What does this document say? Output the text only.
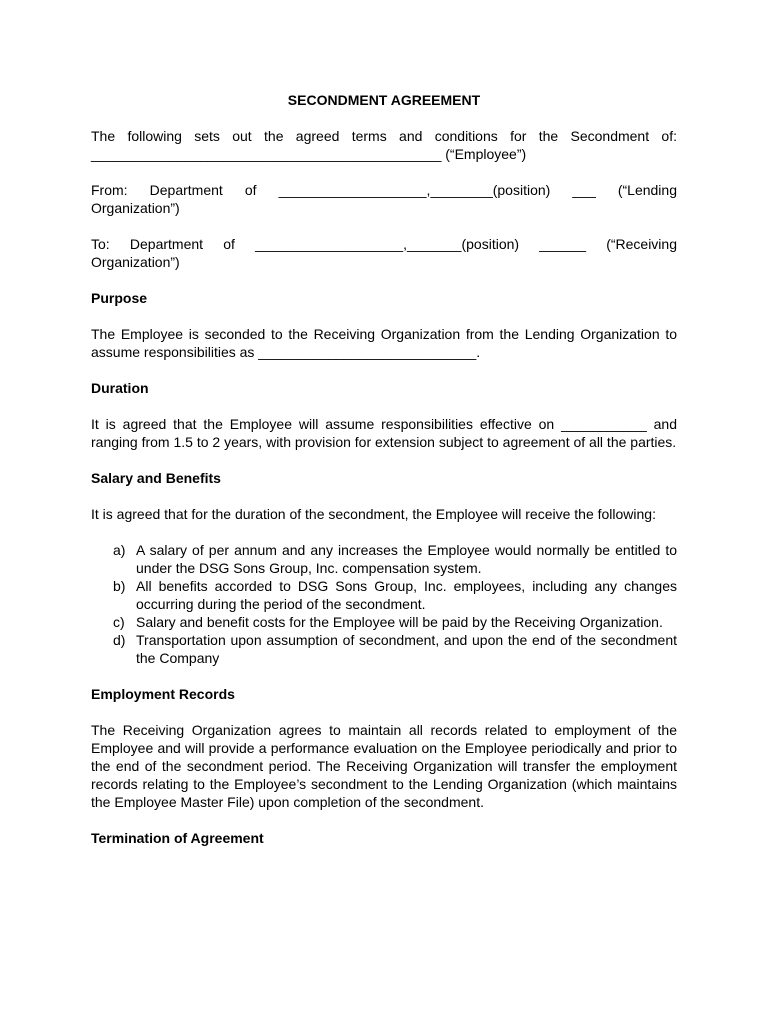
SECONDMENT AGREEMENT
The following sets out the agreed terms and conditions for the Secondment of: _____________________________________________ (“Employee”)
From: Department of ___________________,________(position) ___ (“Lending Organization”)
To: Department of ___________________,_______(position) ______ (“Receiving Organization”)
Purpose
The Employee is seconded to the Receiving Organization from the Lending Organization to assume responsibilities as ____________________________.
Duration
It is agreed that the Employee will assume responsibilities effective on ___________ and ranging from 1.5 to 2 years, with provision for extension subject to agreement of all the parties.
Salary and Benefits
It is agreed that for the duration of the secondment, the Employee will receive the following:
a) A salary of per annum and any increases the Employee would normally be entitled to under the DSG Sons Group, Inc. compensation system.
b) All benefits accorded to DSG Sons Group, Inc. employees, including any changes occurring during the period of the secondment.
c) Salary and benefit costs for the Employee will be paid by the Receiving Organization.
d) Transportation upon assumption of secondment, and upon the end of the secondment the Company
Employment Records
The Receiving Organization agrees to maintain all records related to employment of the Employee and will provide a performance evaluation on the Employee periodically and prior to the end of the secondment period. The Receiving Organization will transfer the employment records relating to the Employee’s secondment to the Lending Organization (which maintains the Employee Master File) upon completion of the secondment.
Termination of Agreement
